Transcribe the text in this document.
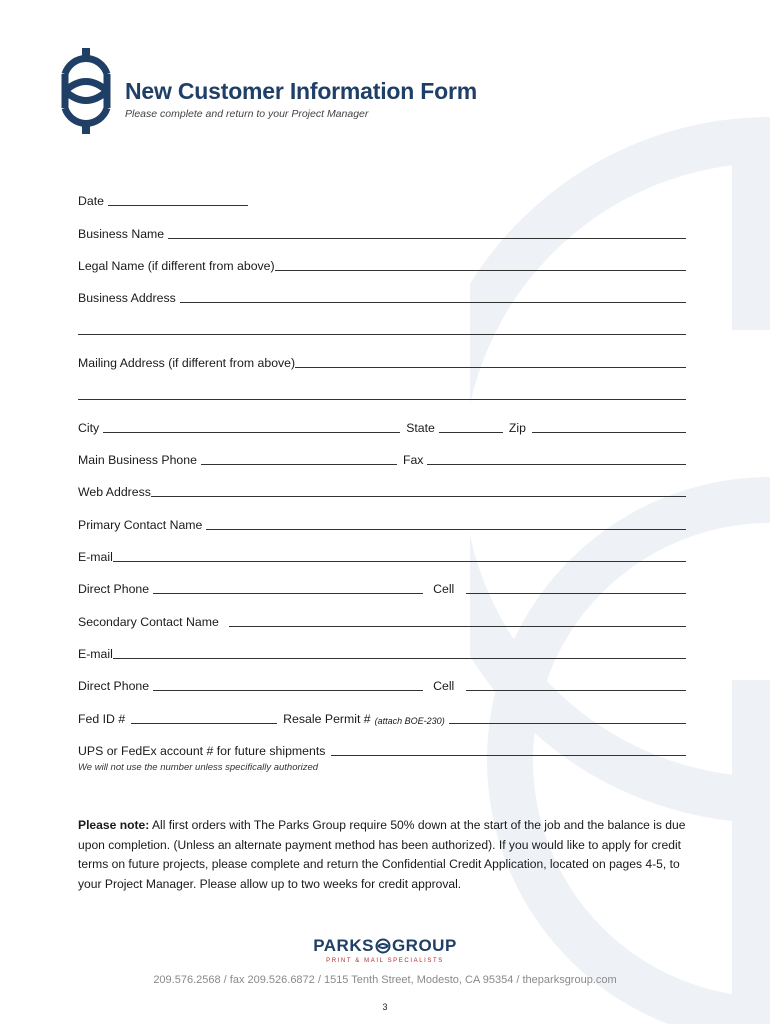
New Customer Information Form

Please complete and return to your Project Manager

Date
Business Name
Legal Name (if different from above)
Business Address
Mailing Address (if different from above)
City	State	Zip
Main Business Phone	Fax
Web Address
Primary Contact Name
E-mail
Direct Phone	Cell
Secondary Contact Name
E-mail
Direct Phone	Cell
Fed ID #	Resale Permit # (attach BOE-230)
UPS or FedEx account # for future shipments
We will not use the number unless specifically authorized

Please note: All first orders with The Parks Group require 50% down at the start of the job and the balance is due upon completion. (Unless an alternate payment method has been authorized). If you would like to apply for credit terms on future projects, please complete and return the Confidential Credit Application, located on pages 4-5, to your Project Manager. Please allow up to two weeks for credit approval.

PARKS GROUP
PRINT & MAIL SPECIALISTS
209.576.2568 / fax 209.526.6872 / 1515 Tenth Street, Modesto, CA 95354 / theparksgroup.com
3
